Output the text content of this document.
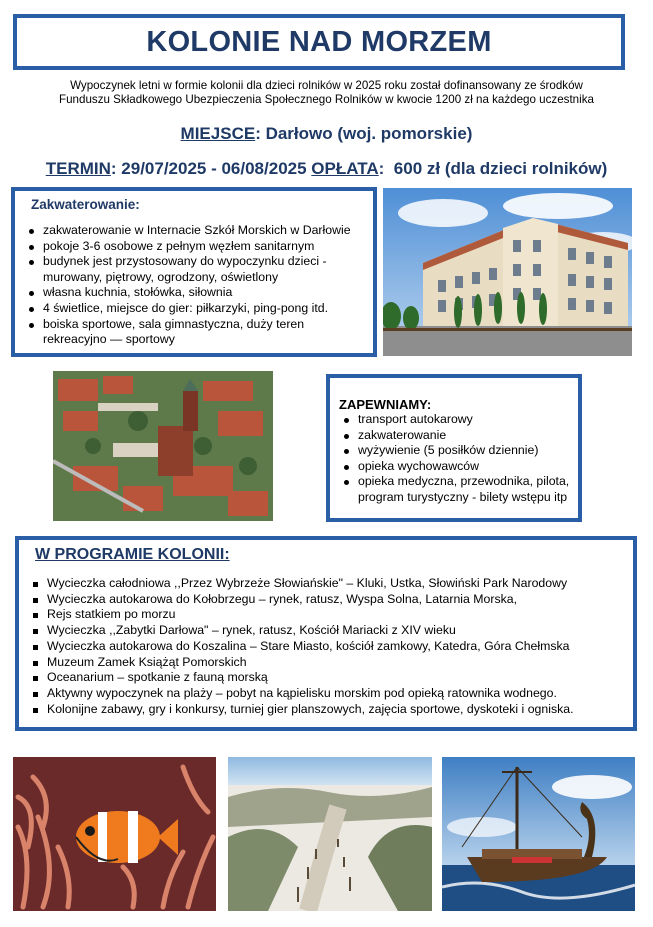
KOLONIE NAD MORZEM
Wypoczynek letni w formie kolonii dla dzieci rolników w 2025 roku został dofinansowany ze środków
Funduszu Składkowego Ubezpieczenia Społecznego Rolników w kwocie 1200 zł na każdego uczestnika
MIEJSCE: Darłowo (woj. pomorskie)
TERMIN: 29/07/2025 - 06/08/2025 OPŁATA:  600 zł (dla dzieci rolników)
Zakwaterowanie:
zakwaterowanie w Internacie Szkół Morskich w Darłowie
pokoje 3-6 osobowe z pełnym węzłem sanitarnym
budynek jest przystosowany do wypoczynku dzieci - murowany, piętrowy, ogrodzony, oświetlony
własna kuchnia, stołówka, siłownia
4 świetlice, miejsce do gier: piłkarzyki, ping-pong itd.
boiska sportowe, sala gimnastyczna, duży teren rekreacyjno — sportowy
ZAPEWNIAMY:
transport autokarowy
zakwaterowanie
wyżywienie (5 posiłków dziennie)
opieka wychowawców
opieka medyczna, przewodnika, pilota, program turystyczny - bilety wstępu itp
W PROGRAMIE KOLONII:
Wycieczka całodniowa ,,Przez Wybrzeże Słowiańskie" – Kluki, Ustka, Słowiński Park Narodowy
Wycieczka autokarowa do Kołobrzegu – rynek, ratusz, Wyspa Solna, Latarnia Morska,
Rejs statkiem po morzu
Wycieczka ,,Zabytki Darłowa" – rynek, ratusz, Kościół Mariacki z XIV wieku
Wycieczka autokarowa do Koszalina – Stare Miasto, kościół zamkowy, Katedra, Góra Chełmska
Muzeum Zamek Książąt Pomorskich
Oceanarium – spotkanie z fauną morską
Aktywny wypoczynek na plaży – pobyt na kąpielisku morskim pod opieką ratownika wodnego.
Kolonijne zabawy, gry i konkursy, turniej gier planszowych, zajęcia sportowe, dyskoteki i ogniska.
